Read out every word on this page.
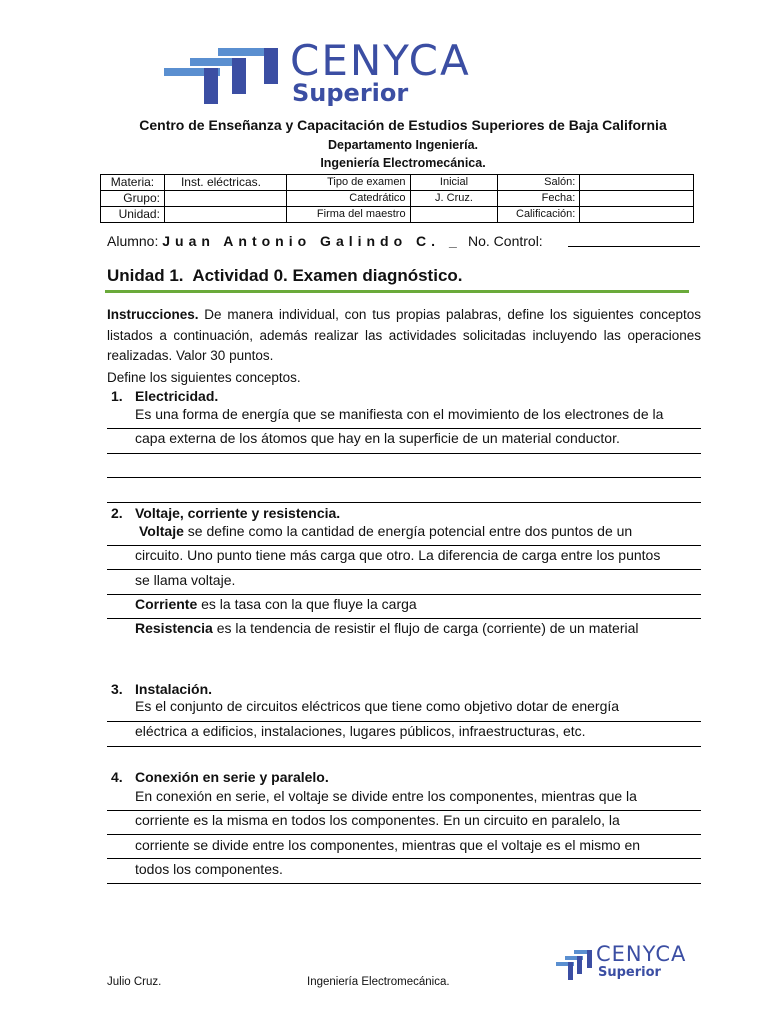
CENYCA
Superior
Centro de Enseñanza y Capacitación de Estudios Superiores de Baja California
Departamento Ingeniería.
Ingeniería Electromecánica.
Materia:	Inst. eléctricas.	Tipo de examen	Inicial	Salón:	
Grupo:		Catedrático	J. Cruz.	Fecha:	
Unidad:		Firma del maestro		Calificación:	
Alumno: Juan Antonio Galindo C. _ No. Control:
Unidad 1.  Actividad 0. Examen diagnóstico.
Instrucciones. De manera individual, con tus propias palabras, define los siguientes conceptos listados a continuación, además realizar las actividades solicitadas incluyendo las operaciones realizadas. Valor 30 puntos.
Define los siguientes conceptos.
1. Electricidad.
Es una forma de energía que se manifiesta con el movimiento de los electrones de la
capa externa de los átomos que hay en la superficie de un material conductor.
2. Voltaje, corriente y resistencia.
Voltaje se define como la cantidad de energía potencial entre dos puntos de un
circuito. Uno punto tiene más carga que otro. La diferencia de carga entre los puntos
se llama voltaje.
Corriente es la tasa con la que fluye la carga
Resistencia es la tendencia de resistir el flujo de carga (corriente) de un material
3. Instalación.
Es el conjunto de circuitos eléctricos que tiene como objetivo dotar de energía
eléctrica a edificios, instalaciones, lugares públicos, infraestructuras, etc.
4. Conexión en serie y paralelo.
En conexión en serie, el voltaje se divide entre los componentes, mientras que la
corriente es la misma en todos los componentes. En un circuito en paralelo, la
corriente se divide entre los componentes, mientras que el voltaje es el mismo en
todos los componentes.
Julio Cruz.	Ingeniería Electromecánica.
CENYCA
Superior
